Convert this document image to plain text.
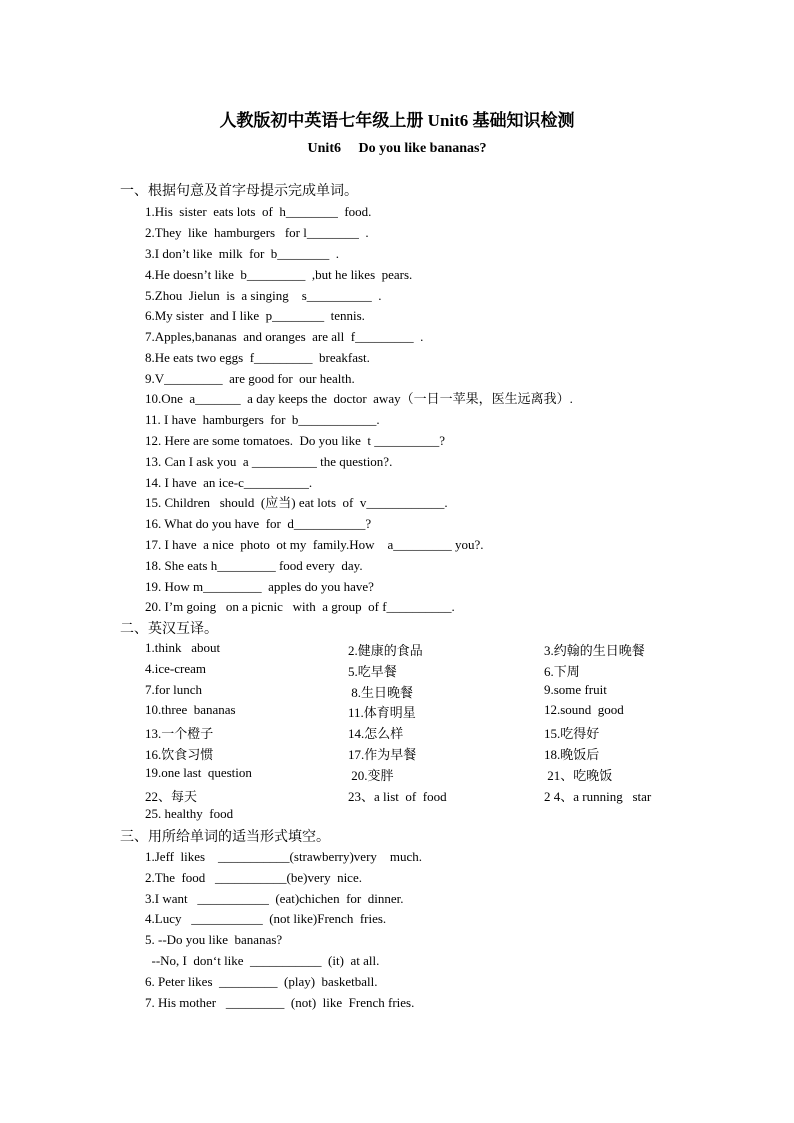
人教版初中英语七年级上册 Unit6 基础知识检测
Unit6     Do you like bananas?
一、根据句意及首字母提示完成单词。
1.His  sister  eats lots  of  h________  food.
2.They  like  hamburgers   for l________  .
3.I don’t like  milk  for  b________  .
4.He doesn’t like  b_________  ,but he likes  pears.
5.Zhou  Jielun  is  a singing    s__________  .
6.My sister  and I like  p________  tennis.
7.Apples,bananas  and oranges  are all  f_________  .
8.He eats two eggs  f_________  breakfast.
9.V_________  are good for  our health.
10.One  a_______  a day keeps the  doctor  away（一日一苹果，医生远离我）.
11. I have  hamburgers  for  b____________.
12. Here are some tomatoes.  Do you like  t __________?
13. Can I ask you  a __________ the question?.
14. I have  an ice-c__________.
15. Children   should  (应当) eat lots  of  v____________.
16. What do you have  for  d___________?
17. I have  a nice  photo  ot my  family.How    a_________ you?.
18. She eats h_________ food every  day.
19. How m_________  apples do you have?
20. I’m going   on a picnic   with  a group  of f__________.
二、英汉互译。
1.think   about	2.健康的食品	3.约翰的生日晚餐
4.ice-cream	5.吃早餐	6.下周
7.for lunch	8.生日晚餐	9.some fruit
10.three  bananas	11.体育明星	12.sound  good
13.一个橙子	14.怎么样	15.吃得好
16.饮食习惯	17.作为早餐	18.晚饭后
19.one last  question	20.变胖	21、吃晚饭
22、每天	23、a list  of  food	2 4、a running   star
25. healthy  food
三、用所给单词的适当形式填空。
1.Jeff  likes    ___________(strawberry)very    much.
2.The  food   ___________(be)very  nice.
3.I want   ___________  (eat)chichen  for  dinner.
4.Lucy   ___________  (not like)French  fries.
5. --Do you like  bananas?
--No, I  don‘t like  ___________  (it)  at all.
6. Peter likes  _________  (play)  basketball.
7. His mother   _________  (not)  like  French fries.
